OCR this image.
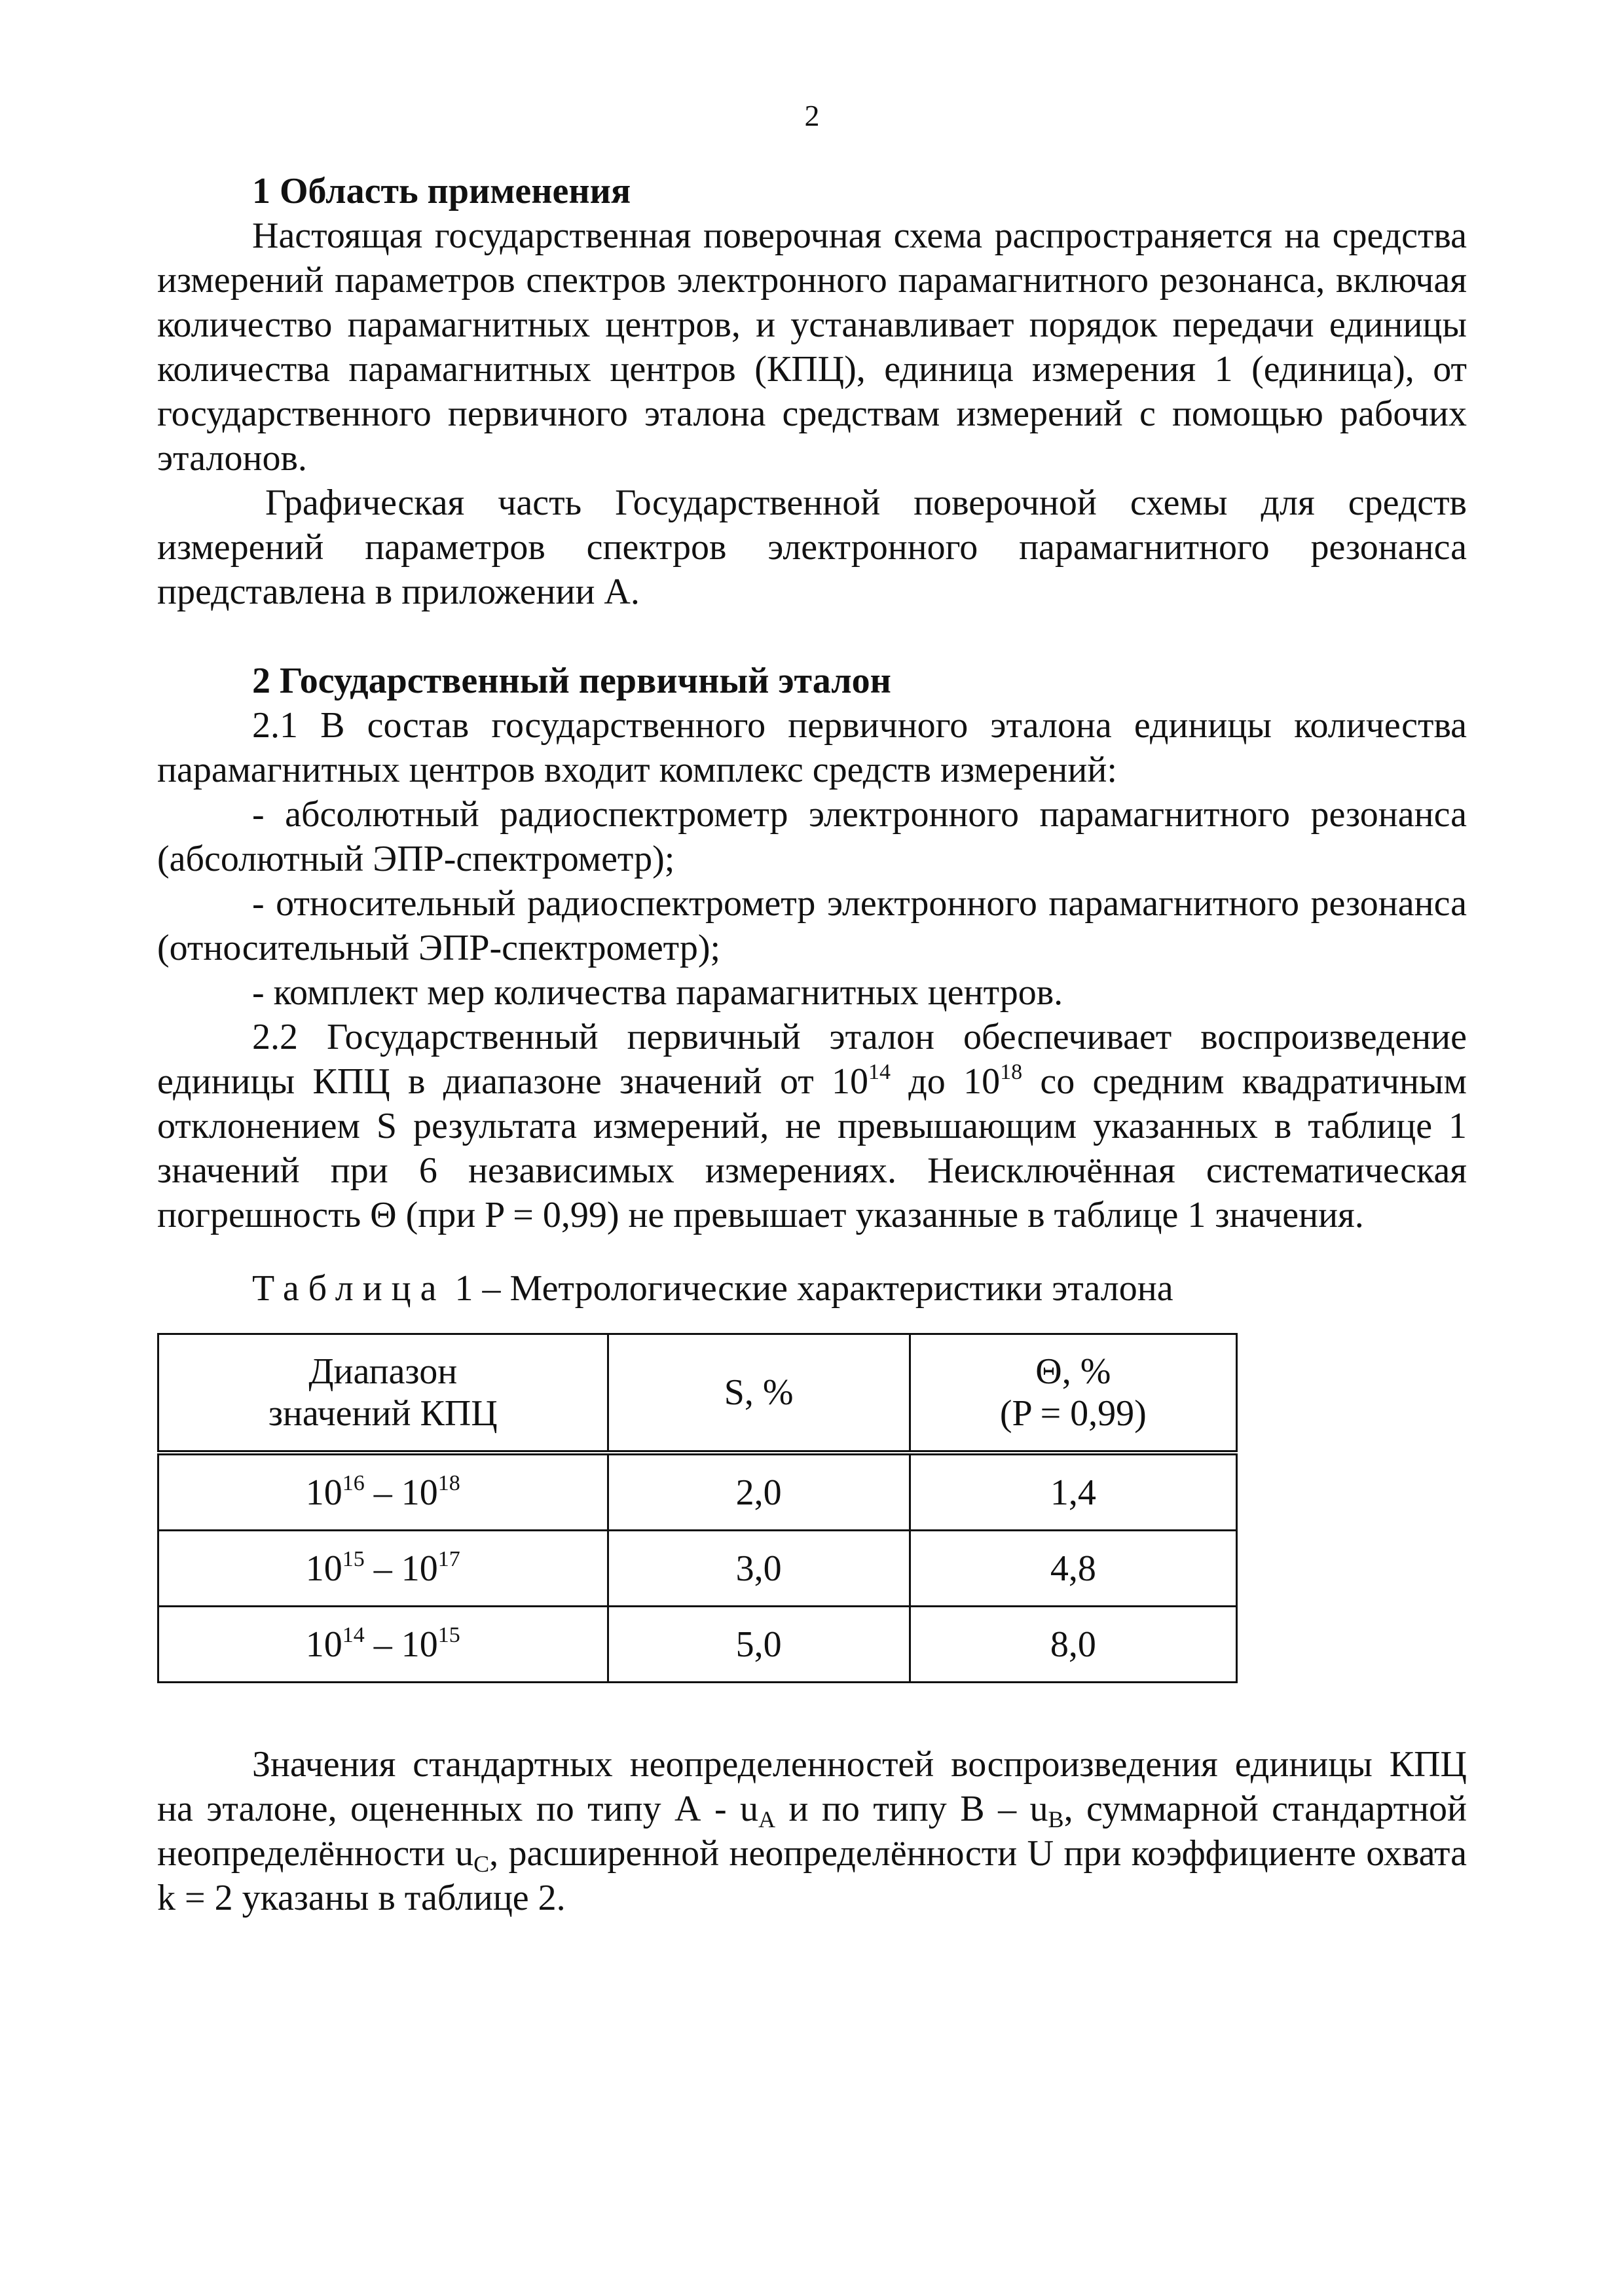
2

1 Область применения

Настоящая государственная поверочная схема распространяется на средства измерений параметров спектров электронного парамагнитного резонанса, включая количество парамагнитных центров, и устанавливает порядок передачи единицы количества парамагнитных центров (КПЦ), единица измерения 1 (единица), от государственного первичного эталона средствам измерений с помощью рабочих эталонов.

Графическая часть Государственной поверочной схемы для средств измерений параметров спектров электронного парамагнитного резонанса представлена в приложении А.

2 Государственный первичный эталон

2.1 В состав государственного первичного эталона единицы количества парамагнитных центров входит комплекс средств измерений:

- абсолютный радиоспектрометр электронного парамагнитного резонанса (абсолютный ЭПР-спектрометр);

- относительный радиоспектрометр электронного парамагнитного резонанса (относительный ЭПР-спектрометр);

- комплект мер количества парамагнитных центров.

2.2 Государственный первичный эталон обеспечивает воспроизведение единицы КПЦ в диапазоне значений от $10^{14}$ до $10^{18}$ со средним квадратичным отклонением S результата измерений, не превышающим указанных в таблице 1 значений при 6 независимых измерениях. Неисключённая систематическая погрешность Θ (при P = 0,99) не превышает указанные в таблице 1 значения.

Таблица 1 – Метрологические характеристики эталона

Диапазон
значений КПЦ	S, %	Θ, %
(P = 0,99)
$10^{16} - 10^{18}$	2,0	1,4
$10^{15} - 10^{17}$	3,0	4,8
$10^{14} - 10^{15}$	5,0	8,0

Значения стандартных неопределенностей воспроизведения единицы КПЦ на эталоне, оцененных по типу А - $u_А$ и по типу В – $u_В$, суммарной стандартной неопределённости $u_С$, расширенной неопределённости U при коэффициенте охвата k = 2 указаны в таблице 2.
